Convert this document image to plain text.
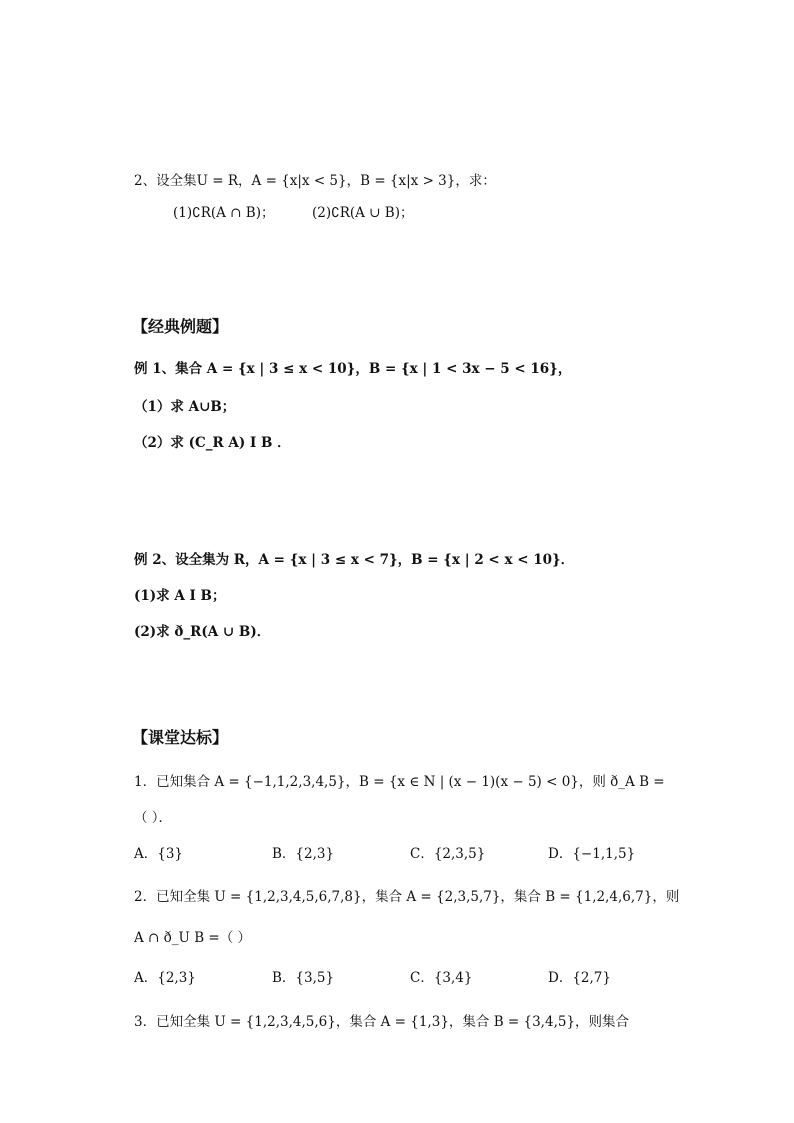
2、设全集U = R，A = {x|x < 5}，B = {x|x > 3}，求：
(1)∁R(A ∩ B)；	(2)∁R(A ∪ B)；
【经典例题】
例 1、集合 A = {x | 3 ≤ x < 10}，B = {x | 1 < 3x − 5 < 16}，
（1）求 A∪B；
（2）求 (C_R A) I B ．
例 2、设全集为 R，A = {x | 3 ≤ x < 7}，B = {x | 2 < x < 10}．
(1)求 A I B；
(2)求 ð_R(A ∪ B)．
【课堂达标】
1．已知集合 A = {−1,1,2,3,4,5}，B = {x ∈ N | (x − 1)(x − 5) < 0}，则 ð_A B =
（ ）．
A．{3}	B．{2,3}	C．{2,3,5}	D．{−1,1,5}
2．已知全集 U = {1,2,3,4,5,6,7,8}，集合 A = {2,3,5,7}，集合 B = {1,2,4,6,7}，则
A ∩ ð_U B =（ ）
A．{2,3}	B．{3,5}	C．{3,4}	D．{2,7}
3．已知全集 U = {1,2,3,4,5,6}，集合 A = {1,3}，集合 B = {3,4,5}，则集合
